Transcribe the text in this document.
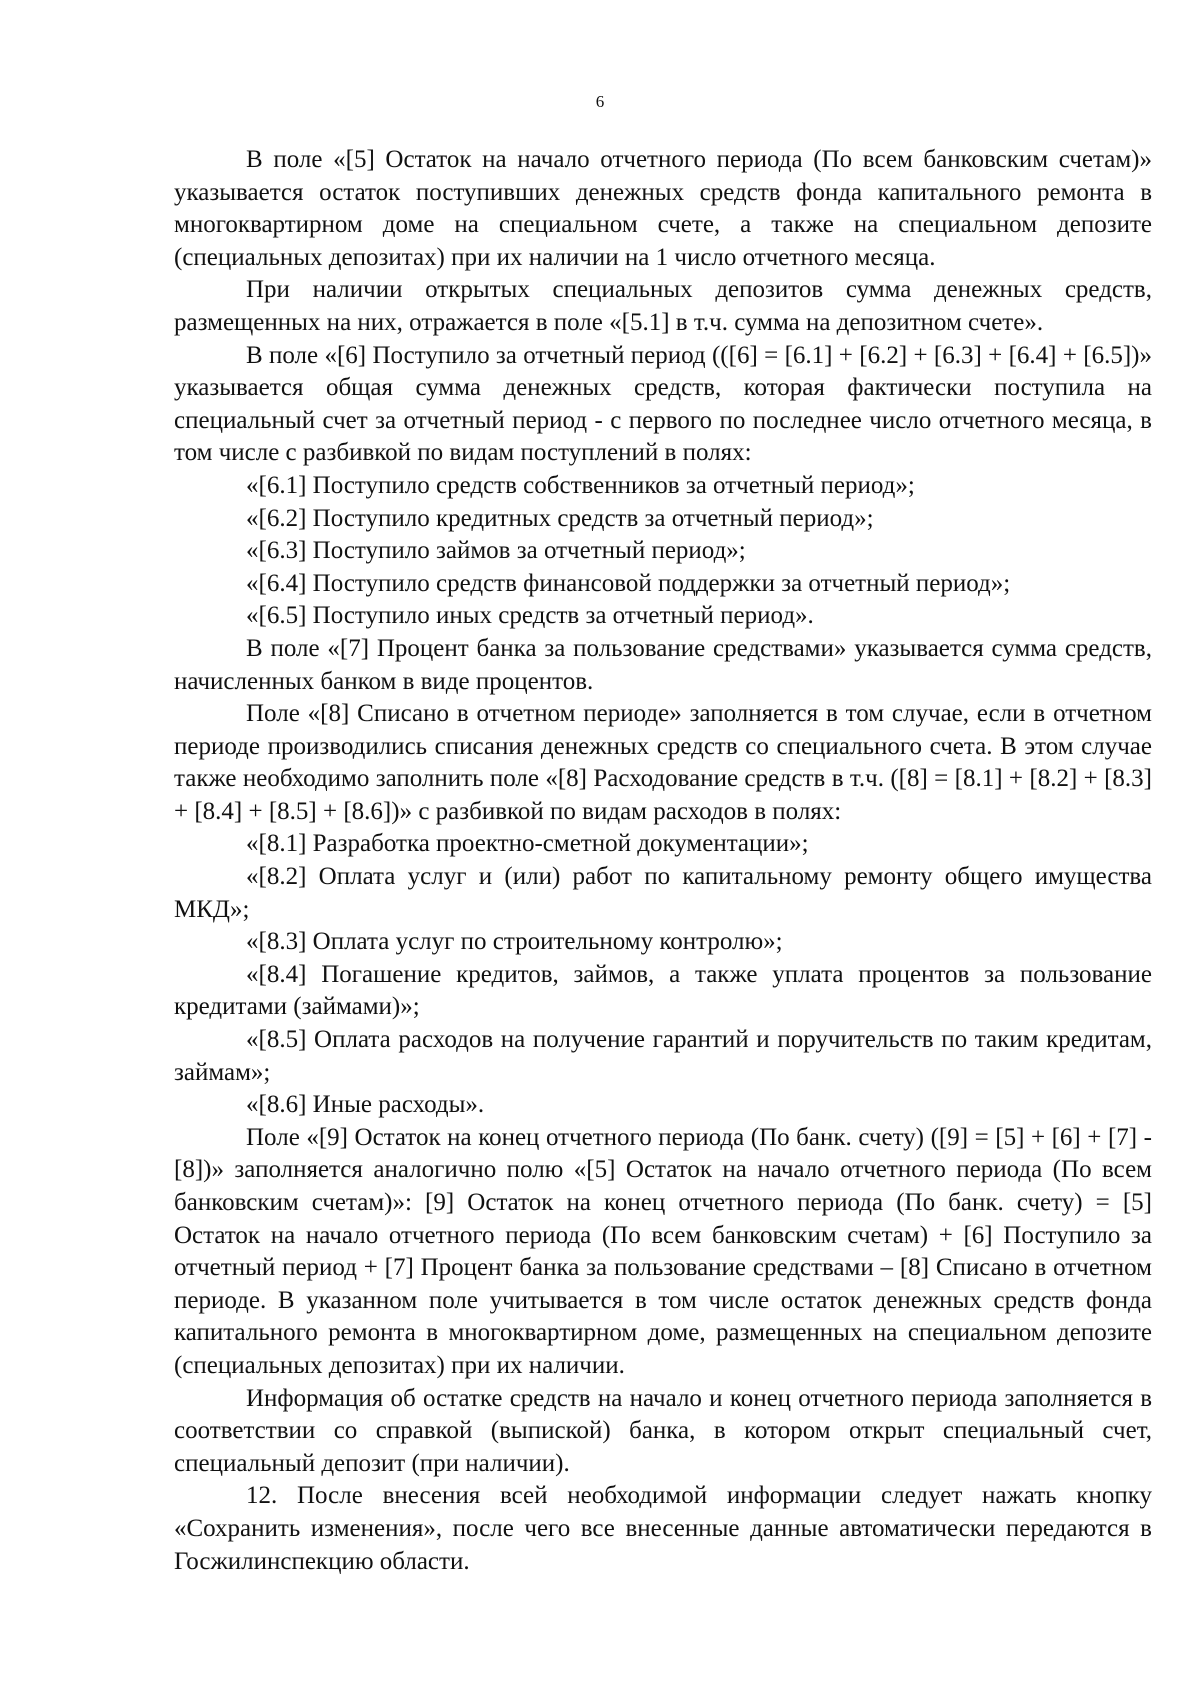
6

В поле «[5] Остаток на начало отчетного периода (По всем банковским счетам)» указывается остаток поступивших денежных средств фонда капитального ремонта в многоквартирном доме на специальном счете, а также на специальном депозите (специальных депозитах) при их наличии на 1 число отчетного месяца.

При наличии открытых специальных депозитов сумма денежных средств, размещенных на них, отражается в поле «[5.1] в т.ч. сумма на депозитном счете».

В поле «[6] Поступило за отчетный период (([6] = [6.1] + [6.2] + [6.3] + [6.4] + [6.5])» указывается общая сумма денежных средств, которая фактически поступила на специальный счет за отчетный период - с первого по последнее число отчетного месяца, в том числе с разбивкой по видам поступлений в полях:

«[6.1] Поступило средств собственников за отчетный период»;

«[6.2] Поступило кредитных средств за отчетный период»;

«[6.3] Поступило займов за отчетный период»;

«[6.4] Поступило средств финансовой поддержки за отчетный период»;

«[6.5] Поступило иных средств за отчетный период».

В поле «[7] Процент банка за пользование средствами» указывается сумма средств, начисленных банком в виде процентов.

Поле «[8] Списано в отчетном периоде» заполняется в том случае, если в отчетном периоде производились списания денежных средств со специального счета. В этом случае также необходимо заполнить поле «[8] Расходование средств в т.ч. ([8] = [8.1] + [8.2] + [8.3] + [8.4] + [8.5] + [8.6])» с разбивкой по видам расходов в полях:

«[8.1] Разработка проектно-сметной документации»;

«[8.2] Оплата услуг и (или) работ по капитальному ремонту общего имущества МКД»;

«[8.3] Оплата услуг по строительному контролю»;

«[8.4] Погашение кредитов, займов, а также уплата процентов за пользование кредитами (займами)»;

«[8.5] Оплата расходов на получение гарантий и поручительств по таким кредитам, займам»;

«[8.6] Иные расходы».

Поле «[9] Остаток на конец отчетного периода (По банк. счету) ([9] = [5] + [6] + [7] - [8])» заполняется аналогично полю «[5] Остаток на начало отчетного периода (По всем банковским счетам)»: [9] Остаток на конец отчетного периода (По банк. счету) = [5] Остаток на начало отчетного периода (По всем банковским счетам) + [6] Поступило за отчетный период + [7] Процент банка за пользование средствами – [8] Списано в отчетном периоде. В указанном поле учитывается в том числе остаток денежных средств фонда капитального ремонта в многоквартирном доме, размещенных на специальном депозите (специальных депозитах) при их наличии.

Информация об остатке средств на начало и конец отчетного периода заполняется в соответствии со справкой (выпиской) банка, в котором открыт специальный счет, специальный депозит (при наличии).

12. После внесения всей необходимой информации следует нажать кнопку «Сохранить изменения», после чего все внесенные данные автоматически передаются в Госжилинспекцию области.
